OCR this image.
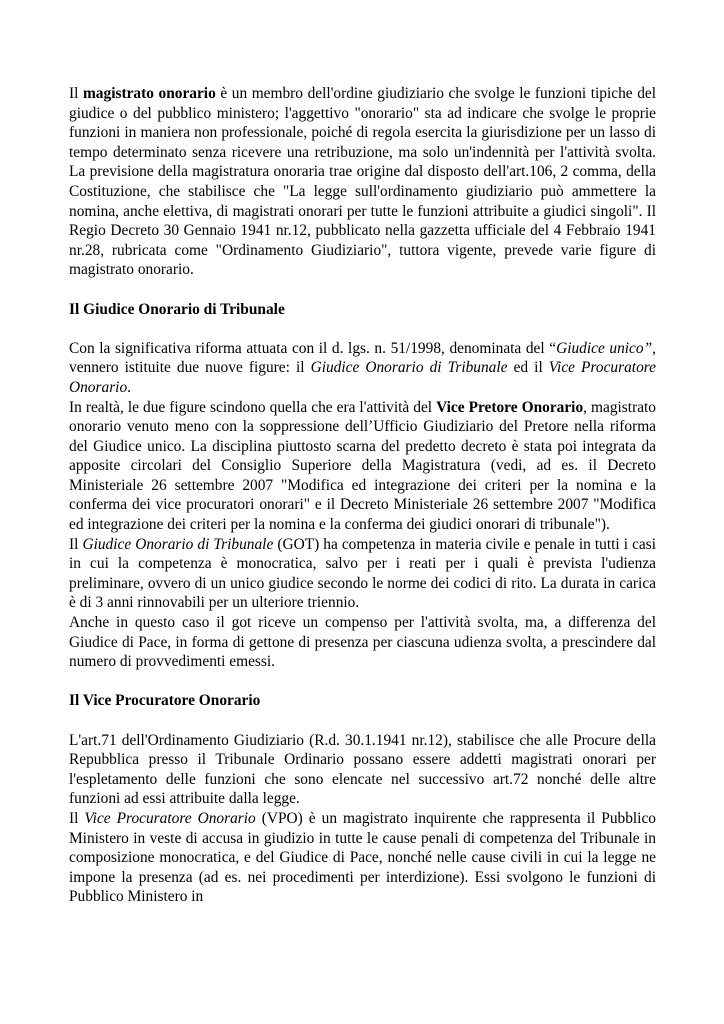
Il magistrato onorario è un membro dell'ordine giudiziario che svolge le funzioni tipiche del giudice o del pubblico ministero; l'aggettivo "onorario" sta ad indicare che svolge le proprie funzioni in maniera non professionale, poiché di regola esercita la giurisdizione per un lasso di tempo determinato senza ricevere una retribuzione, ma solo un'indennità per l'attività svolta. La previsione della magistratura onoraria trae origine dal disposto dell'art.106, 2 comma, della Costituzione, che stabilisce che "La legge sull'ordinamento giudiziario può ammettere la nomina, anche elettiva, di magistrati onorari per tutte le funzioni attribuite a giudici singoli". Il Regio Decreto 30 Gennaio 1941 nr.12, pubblicato nella gazzetta ufficiale del 4 Febbraio 1941 nr.28, rubricata come "Ordinamento Giudiziario", tuttora vigente, prevede varie figure di magistrato onorario.

Il Giudice Onorario di Tribunale

Con la significativa riforma attuata con il d. lgs. n. 51/1998, denominata del “Giudice unico”, vennero istituite due nuove figure: il Giudice Onorario di Tribunale ed il Vice Procuratore Onorario.

In realtà, le due figure scindono quella che era l'attività del Vice Pretore Onorario, magistrato onorario venuto meno con la soppressione dell’Ufficio Giudiziario del Pretore nella riforma del Giudice unico. La disciplina piuttosto scarna del predetto decreto è stata poi integrata da apposite circolari del Consiglio Superiore della Magistratura (vedi, ad es. il Decreto Ministeriale 26 settembre 2007 "Modifica ed integrazione dei criteri per la nomina e la conferma dei vice procuratori onorari" e il Decreto Ministeriale 26 settembre 2007 "Modifica ed integrazione dei criteri per la nomina e la conferma dei giudici onorari di tribunale").

Il Giudice Onorario di Tribunale (GOT) ha competenza in materia civile e penale in tutti i casi in cui la competenza è monocratica, salvo per i reati per i quali è prevista l'udienza preliminare, ovvero di un unico giudice secondo le norme dei codici di rito. La durata in carica è di 3 anni rinnovabili per un ulteriore triennio.

Anche in questo caso il got riceve un compenso per l'attività svolta, ma, a differenza del Giudice di Pace, in forma di gettone di presenza per ciascuna udienza svolta, a prescindere dal numero di provvedimenti emessi.

Il Vice Procuratore Onorario

L'art.71 dell'Ordinamento Giudiziario (R.d. 30.1.1941 nr.12), stabilisce che alle Procure della Repubblica presso il Tribunale Ordinario possano essere addetti magistrati onorari per l'espletamento delle funzioni che sono elencate nel successivo art.72 nonché delle altre funzioni ad essi attribuite dalla legge.

Il Vice Procuratore Onorario (VPO) è un magistrato inquirente che rappresenta il Pubblico Ministero in veste di accusa in giudizio in tutte le cause penali di competenza del Tribunale in composizione monocratica, e del Giudice di Pace, nonché nelle cause civili in cui la legge ne impone la presenza (ad es. nei procedimenti per interdizione). Essi svolgono le funzioni di Pubblico Ministero in
